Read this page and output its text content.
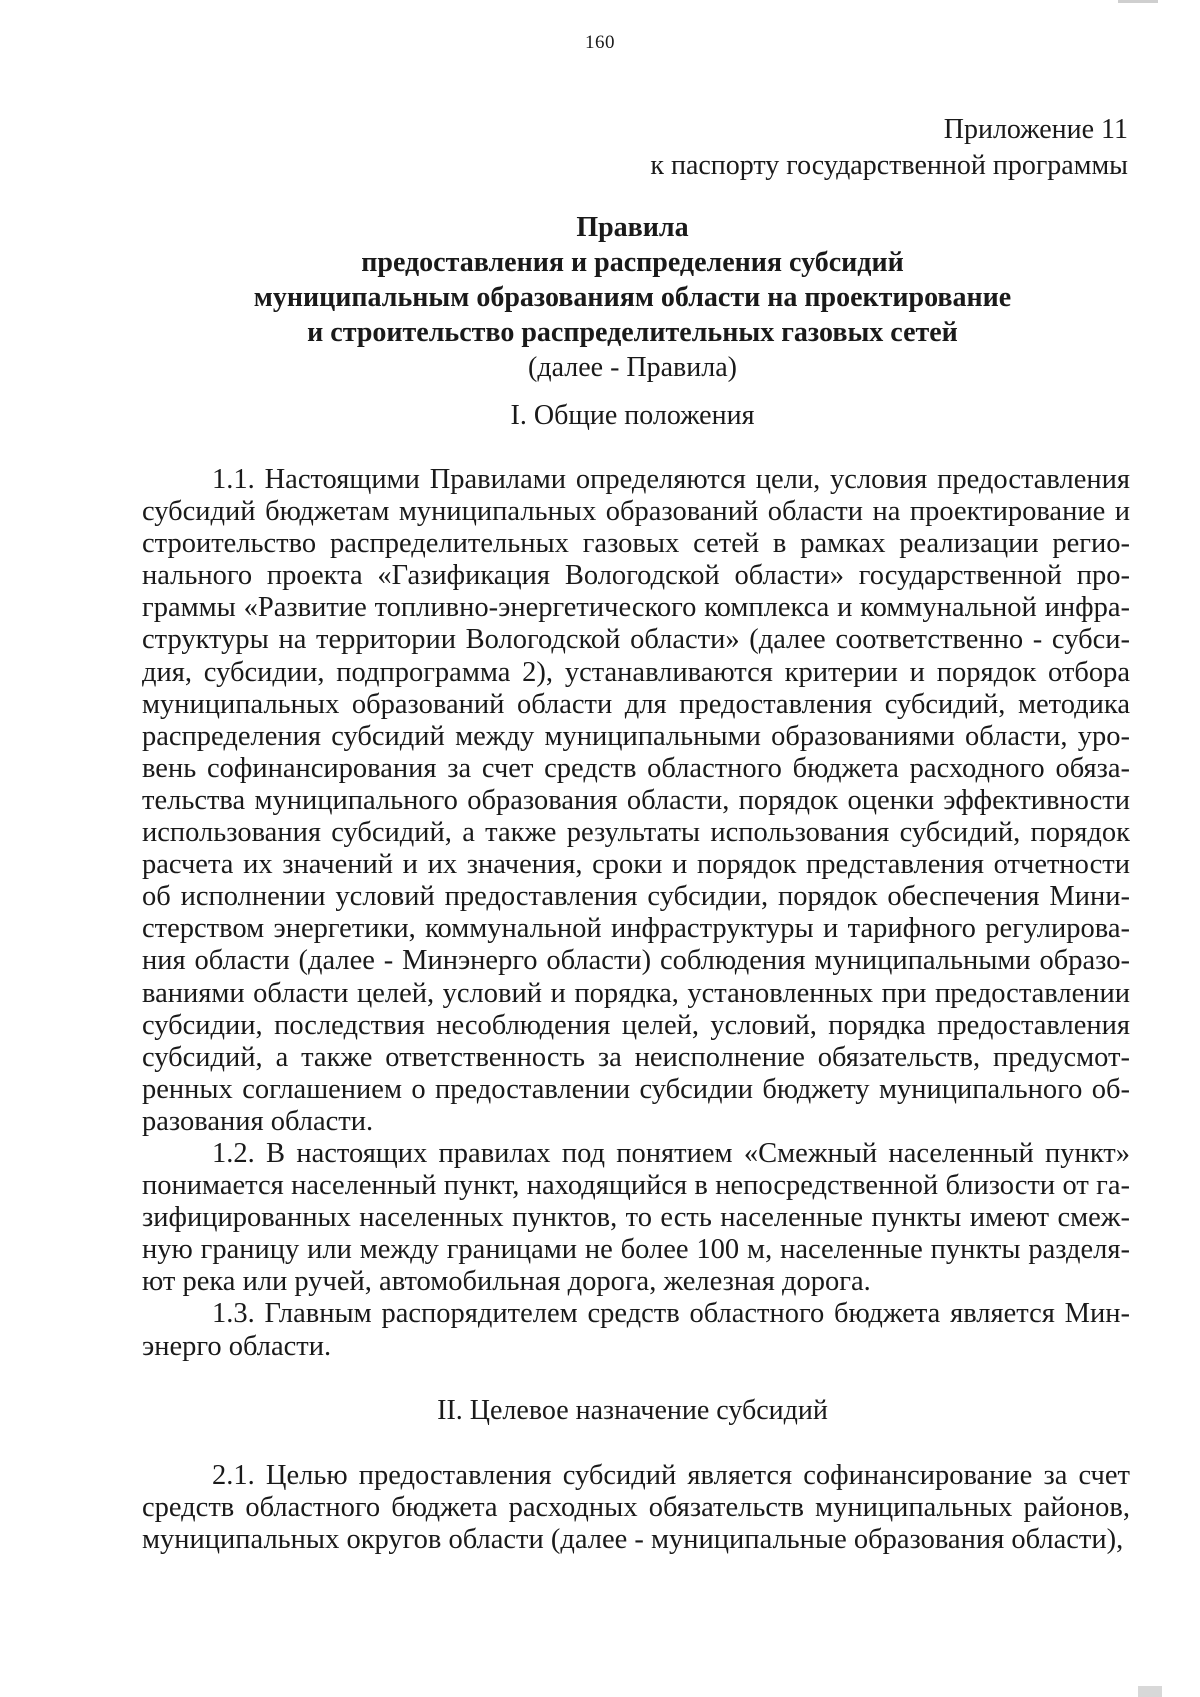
160
Приложение 11
к паспорту государственной программы
Правила
предоставления и распределения субсидий
муниципальным образованиям области на проектирование
и строительство распределительных газовых сетей
(далее - Правила)
I. Общие положения

1.1. Настоящими Правилами определяются цели, условия предоставления субсидий бюджетам муниципальных образований области на проектирование и строительство распределительных газовых сетей в рамках реализации регионального проекта «Газификация Вологодской области» государственной программы «Развитие топливно-энергетического комплекса и коммунальной инфраструктуры на территории Вологодской области» (далее соответственно - субсидия, субсидии, подпрограмма 2), устанавливаются критерии и порядок отбора муниципальных образований области для предоставления субсидий, методика распределения субсидий между муниципальными образованиями области, уровень софинансирования за счет средств областного бюджета расходного обязательства муниципального образования области, порядок оценки эффективности использования субсидий, а также результаты использования субсидий, порядок расчета их значений и их значения, сроки и порядок представления отчетности об исполнении условий предоставления субсидии, порядок обеспечения Министерством энергетики, коммунальной инфраструктуры и тарифного регулирования области (далее - Минэнерго области) соблюдения муниципальными образованиями области целей, условий и порядка, установленных при предоставлении субсидии, последствия несоблюдения целей, условий, порядка предоставления субсидий, а также ответственность за неисполнение обязательств, предусмотренных соглашением о предоставлении субсидии бюджету муниципального образования области.

1.2. В настоящих правилах под понятием «Смежный населенный пункт» понимается населенный пункт, находящийся в непосредственной близости от газифицированных населенных пунктов, то есть населенные пункты имеют смежную границу или между границами не более 100 м, населенные пункты разделяют река или ручей, автомобильная дорога, железная дорога.

1.3. Главным распорядителем средств областного бюджета является Минэнерго области.

II. Целевое назначение субсидий

2.1. Целью предоставления субсидий является софинансирование за счет средств областного бюджета расходных обязательств муниципальных районов, муниципальных округов области (далее - муниципальные образования области),
